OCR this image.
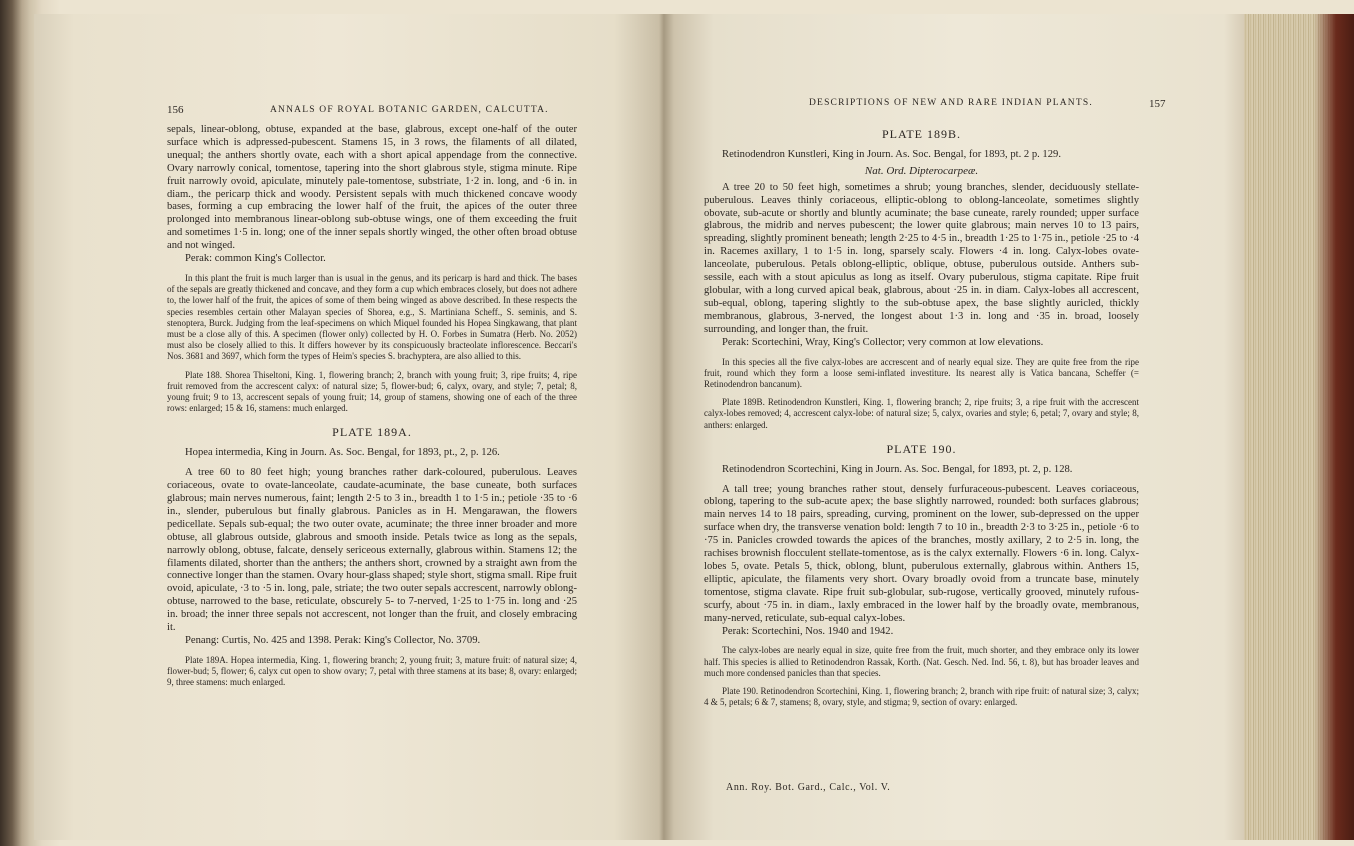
156	ANNALS OF ROYAL BOTANIC GARDEN, CALCUTTA.

sepals, linear-oblong, obtuse, expanded at the base, glabrous, except one-half of the outer surface which is adpressed-pubescent. Stamens 15, in 3 rows, the filaments of all dilated, unequal; the anthers shortly ovate, each with a short apical appendage from the connective. Ovary narrowly conical, tomentose, tapering into the short glabrous style, stigma minute. Ripe fruit narrowly ovoid, apiculate, minutely pale-tomentose, substriate, 1·2 in. long, and ·6 in. in diam., the pericarp thick and woody. Persistent sepals with much thickened concave woody bases, forming a cup embracing the lower half of the fruit, the apices of the outer three prolonged into membranous linear-oblong sub-obtuse wings, one of them exceeding the fruit and sometimes 1·5 in. long; one of the inner sepals shortly winged, the other often broad obtuse and not winged.

Perak: common King's Collector.

In this plant the fruit is much larger than is usual in the genus, and its pericarp is hard and thick. The bases of the sepals are greatly thickened and concave, and they form a cup which embraces closely, but does not adhere to, the lower half of the fruit, the apices of some of them being winged as above described. In these respects the species resembles certain other Malayan species of Shorea, e.g., S. Martiniana Scheff., S. seminis, and S. stenoptera, Burck. Judging from the leaf-specimens on which Miquel founded his Hopea Singkawang, that plant must be a close ally of this. A specimen (flower only) collected by H. O. Forbes in Sumatra (Herb. No. 2052) must also be closely allied to this. It differs however by its conspicuously bracteolate inflorescence. Beccari's Nos. 3681 and 3697, which form the types of Heim's species S. brachyptera, are also allied to this.

Plate 188. Shorea Thiseltoni, King. 1, flowering branch; 2, branch with young fruit; 3, ripe fruits; 4, ripe fruit removed from the accrescent calyx: of natural size; 5, flower-bud; 6, calyx, ovary, and style; 7, petal; 8, young fruit; 9 to 13, accrescent sepals of young fruit; 14, group of stamens, showing one of each of the three rows: enlarged; 15 & 16, stamens: much enlarged.

PLATE 189A.

Hopea intermedia, King in Journ. As. Soc. Bengal, for 1893, pt., 2, p. 126.

A tree 60 to 80 feet high; young branches rather dark-coloured, puberulous. Leaves coriaceous, ovate to ovate-lanceolate, caudate-acuminate, the base cuneate, both surfaces glabrous; main nerves numerous, faint; length 2·5 to 3 in., breadth 1 to 1·5 in.; petiole ·35 to ·6 in., slender, puberulous but finally glabrous. Panicles as in H. Mengarawan, the flowers pedicellate. Sepals sub-equal; the two outer ovate, acuminate; the three inner broader and more obtuse, all glabrous outside, glabrous and smooth inside. Petals twice as long as the sepals, narrowly oblong, obtuse, falcate, densely sericeous externally, glabrous within. Stamens 12; the filaments dilated, shorter than the anthers; the anthers short, crowned by a straight awn from the connective longer than the stamen. Ovary hour-glass shaped; style short, stigma small. Ripe fruit ovoid, apiculate, ·3 to ·5 in. long, pale, striate; the two outer sepals accrescent, narrowly oblong-obtuse, narrowed to the base, reticulate, obscurely 5- to 7-nerved, 1·25 to 1·75 in. long and ·25 in. broad; the inner three sepals not accrescent, not longer than the fruit, and closely embracing it.

Penang: Curtis, No. 425 and 1398. Perak: King's Collector, No. 3709.

Plate 189A. Hopea intermedia, King. 1, flowering branch; 2, young fruit; 3, mature fruit: of natural size; 4, flower-bud; 5, flower; 6, calyx cut open to show ovary; 7, petal with three stamens at its base; 8, ovary: enlarged; 9, three stamens: much enlarged.

DESCRIPTIONS OF NEW AND RARE INDIAN PLANTS.	157
PLATE 189B.

Retinodendron Kunstleri, King in Journ. As. Soc. Bengal, for 1893, pt. 2 p. 129.

Nat. Ord. Dipterocarpeæ.

A tree 20 to 50 feet high, sometimes a shrub; young branches, slender, deciduously stellate-puberulous. Leaves thinly coriaceous, elliptic-oblong to oblong-lanceolate, sometimes slightly obovate, sub-acute or shortly and bluntly acuminate; the base cuneate, rarely rounded; upper surface glabrous, the midrib and nerves pubescent; the lower quite glabrous; main nerves 10 to 13 pairs, spreading, slightly prominent beneath; length 2·25 to 4·5 in., breadth 1·25 to 1·75 in., petiole ·25 to ·4 in. Racemes axillary, 1 to 1·5 in. long, sparsely scaly. Flowers ·4 in. long. Calyx-lobes ovate-lanceolate, puberulous. Petals oblong-elliptic, oblique, obtuse, puberulous outside. Anthers sub-sessile, each with a stout apiculus as long as itself. Ovary puberulous, stigma capitate. Ripe fruit globular, with a long curved apical beak, glabrous, about ·25 in. in diam. Calyx-lobes all accrescent, sub-equal, oblong, tapering slightly to the sub-obtuse apex, the base slightly auricled, thickly membranous, glabrous, 3-nerved, the longest about 1·3 in. long and ·35 in. broad, loosely surrounding, and longer than, the fruit.

Perak: Scortechini, Wray, King's Collector; very common at low elevations.

In this species all the five calyx-lobes are accrescent and of nearly equal size. They are quite free from the ripe fruit, round which they form a loose semi-inflated investiture. Its nearest ally is Vatica bancana, Scheffer (= Retinodendron bancanum).

Plate 189B. Retinodendron Kunstleri, King. 1, flowering branch; 2, ripe fruits; 3, a ripe fruit with the accrescent calyx-lobes removed; 4, accrescent calyx-lobe: of natural size; 5, calyx, ovaries and style; 6, petal; 7, ovary and style; 8, anthers: enlarged.

PLATE 190.

Retinodendron Scortechini, King in Journ. As. Soc. Bengal, for 1893, pt. 2, p. 128.

A tall tree; young branches rather stout, densely furfuraceous-pubescent. Leaves coriaceous, oblong, tapering to the sub-acute apex; the base slightly narrowed, rounded: both surfaces glabrous; main nerves 14 to 18 pairs, spreading, curving, prominent on the lower, sub-depressed on the upper surface when dry, the transverse venation bold: length 7 to 10 in., breadth 2·3 to 3·25 in., petiole ·6 to ·75 in. Panicles crowded towards the apices of the branches, mostly axillary, 2 to 2·5 in. long, the rachises brownish flocculent stellate-tomentose, as is the calyx externally. Flowers ·6 in. long. Calyx-lobes 5, ovate. Petals 5, thick, oblong, blunt, puberulous externally, glabrous within. Anthers 15, elliptic, apiculate, the filaments very short. Ovary broadly ovoid from a truncate base, minutely tomentose, stigma clavate. Ripe fruit sub-globular, sub-rugose, vertically grooved, minutely rufous-scurfy, about ·75 in. in diam., laxly embraced in the lower half by the broadly ovate, membranous, many-nerved, reticulate, sub-equal calyx-lobes.

Perak: Scortechini, Nos. 1940 and 1942.

The calyx-lobes are nearly equal in size, quite free from the fruit, much shorter, and they embrace only its lower half. This species is allied to Retinodendron Rassak, Korth. (Nat. Gesch. Ned. Ind. 56, t. 8), but has broader leaves and much more condensed panicles than that species.

Plate 190. Retinodendron Scortechini, King. 1, flowering branch; 2, branch with ripe fruit: of natural size; 3, calyx; 4 & 5, petals; 6 & 7, stamens; 8, ovary, style, and stigma; 9, section of ovary: enlarged.

Ann. Roy. Bot. Gard., Calc., Vol. V.
